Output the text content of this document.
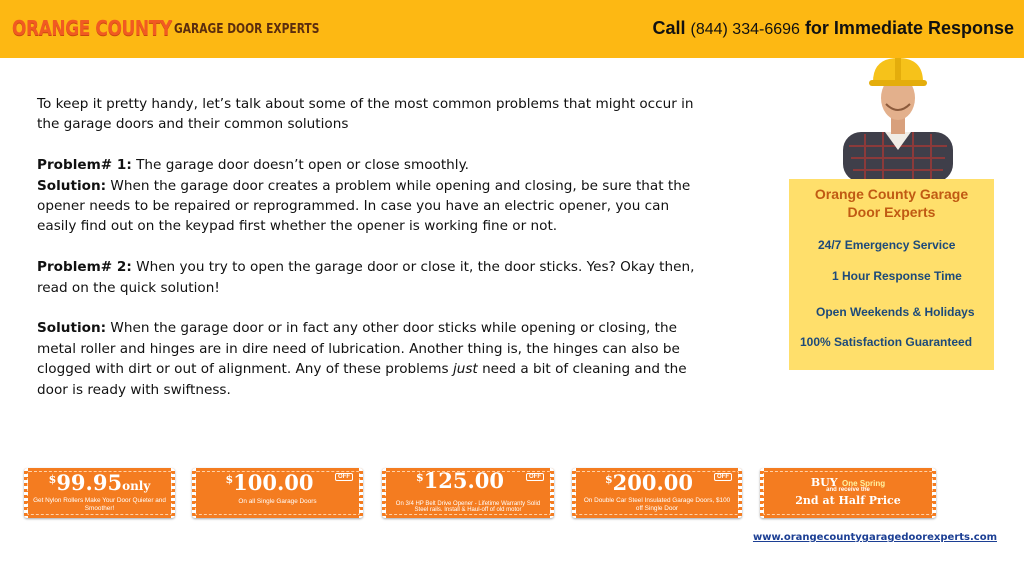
ORANGE COUNTY GARAGE DOOR EXPERTS	Call (844) 334-6696 for Immediate Response

To keep it pretty handy, let’s talk about some of the most common problems that might occur in the garage doors and their common solutions

Problem# 1: The garage door doesn’t open or close smoothly.

Solution: When the garage door creates a problem while opening and closing, be sure that the opener needs to be repaired or reprogrammed. In case you have an electric opener, you can easily find out on the keypad first whether the opener is working fine or not.

Problem# 2: When you try to open the garage door or close it, the door sticks. Yes? Okay then, read on the quick solution!

Solution: When the garage door or in fact any other door sticks while opening or closing, the metal roller and hinges are in dire need of lubrication. Another thing is, the hinges can also be clogged with dirt or out of alignment. Any of these problems just need a bit of cleaning and the door is ready with swiftness.

Orange County Garage
Door Experts
24/7 Emergency Service
1 Hour Response Time
Open Weekends & Holidays
100% Satisfaction Guaranteed
$99.95only
Get Nylon Rollers Make Your Door Quieter and Smoother!
$100.00	OFF
On all Single Garage Doors
$125.00	OFF
On 3/4 HP Belt Drive Opener - Lifetime Warranty Solid Steel rails. Install & Haul-off of old motor
$200.00	OFF
On Double Car Steel Insulated Garage Doors, $100 off Single Door
BUY One Spring
and receive the
2nd at Half Price
www.orangecountygaragedoorexperts.com
